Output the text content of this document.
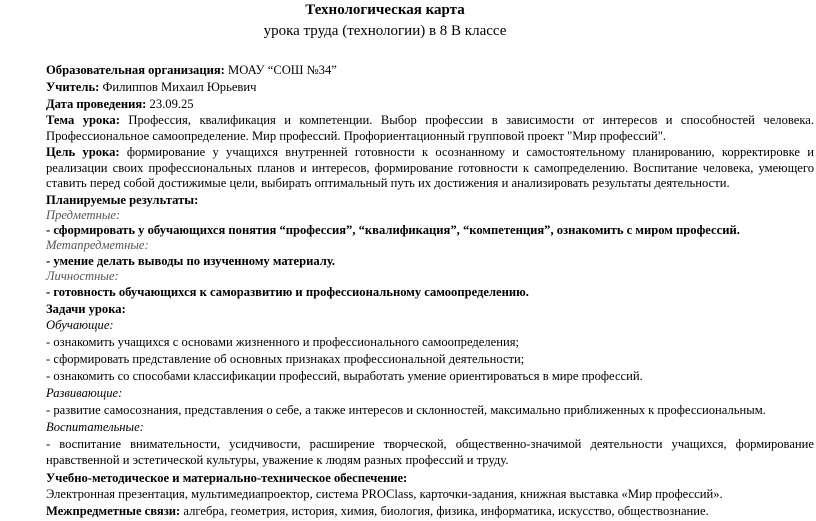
Технологическая карта
урока труда (технологии) в 8 В классе
Образовательная организация: МОАУ “СОШ №34”
Учитель: Филиппов Михаил Юрьевич
Дата проведения: 23.09.25
Тема урока: Профессия, квалификация и компетенции. Выбор профессии в зависимости от интересов и способностей человека. Профессиональное самоопределение. Мир профессий. Профориентационный групповой проект "Мир профессий".
Цель урока: формирование у учащихся внутренней готовности к осознанному и самостоятельному планированию, корректировке и реализации своих профессиональных планов и интересов, формирование готовности к самопределению. Воспитание человека, умеющего ставить перед собой достижимые цели, выбирать оптимальный путь их достижения и анализировать результаты деятельности.
Планируемые результаты:
Предметные:
- сформировать у обучающихся понятия “профессия”, “квалификация”, “компетенция”, ознакомить с миром профессий.
Метапредметные:
- умение делать выводы по изученному материалу.
Личностные:
- готовность обучающихся к саморазвитию и профессиональному самоопределению.
Задачи урока:
Обучающие:
- ознакомить учащихся с основами жизненного и профессионального самоопределения;
- сформировать представление об основных признаках профессиональной деятельности;
- ознакомить со способами классификации профессий, выработать умение ориентироваться в мире профессий.
Развивающие:
- развитие самосознания, представления о себе, а также интересов и склонностей, максимально приближенных к профессиональным.
Воспитательные:
- воспитание внимательности, усидчивости, расширение творческой, общественно-значимой деятельности учащихся, формирование нравственной и эстетической культуры, уважение к людям разных профессий и труду.
Учебно-методическое и материально-техническое обеспечение:
Электронная презентация, мультимедиапроектор, система PROClass, карточки-задания, книжная выставка «Мир профессий».
Межпредметные связи: алгебра, геометрия, история, химия, биология, физика, информатика, искусство, обществознание.
